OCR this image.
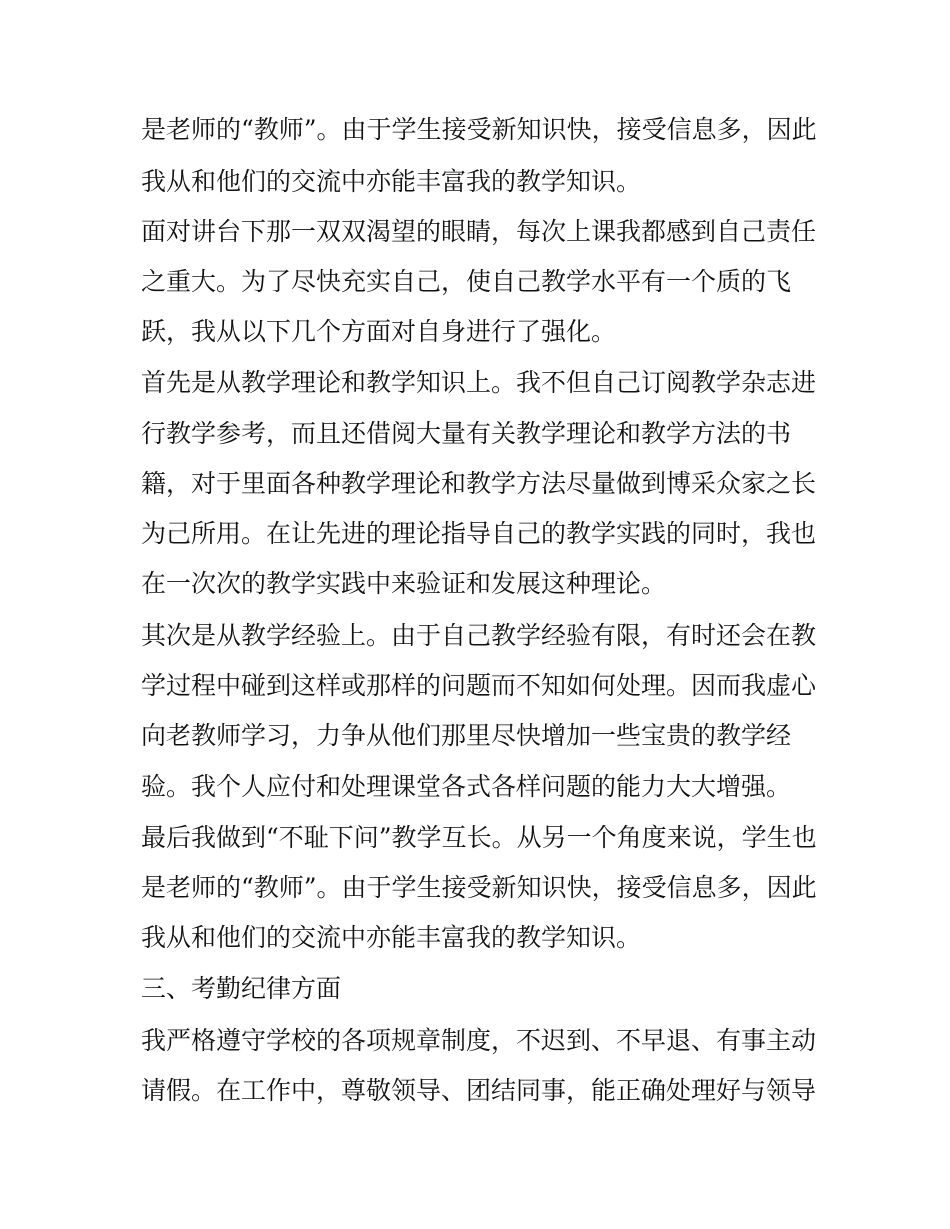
是老师的“教师”。由于学生接受新知识快，接受信息多，因此
我从和他们的交流中亦能丰富我的教学知识。
面对讲台下那一双双渴望的眼睛，每次上课我都感到自己责任
之重大。为了尽快充实自己，使自己教学水平有一个质的飞
跃，我从以下几个方面对自身进行了强化。
首先是从教学理论和教学知识上。我不但自己订阅教学杂志进
行教学参考，而且还借阅大量有关教学理论和教学方法的书
籍，对于里面各种教学理论和教学方法尽量做到博采众家之长
为己所用。在让先进的理论指导自己的教学实践的同时，我也
在一次次的教学实践中来验证和发展这种理论。
其次是从教学经验上。由于自己教学经验有限，有时还会在教
学过程中碰到这样或那样的问题而不知如何处理。因而我虚心
向老教师学习，力争从他们那里尽快增加一些宝贵的教学经
验。我个人应付和处理课堂各式各样问题的能力大大增强。
最后我做到“不耻下问”教学互长。从另一个角度来说，学生也
是老师的“教师”。由于学生接受新知识快，接受信息多，因此
我从和他们的交流中亦能丰富我的教学知识。
三、考勤纪律方面
我严格遵守学校的各项规章制度，不迟到、不早退、有事主动
请假。在工作中，尊敬领导、团结同事，能正确处理好与领导
